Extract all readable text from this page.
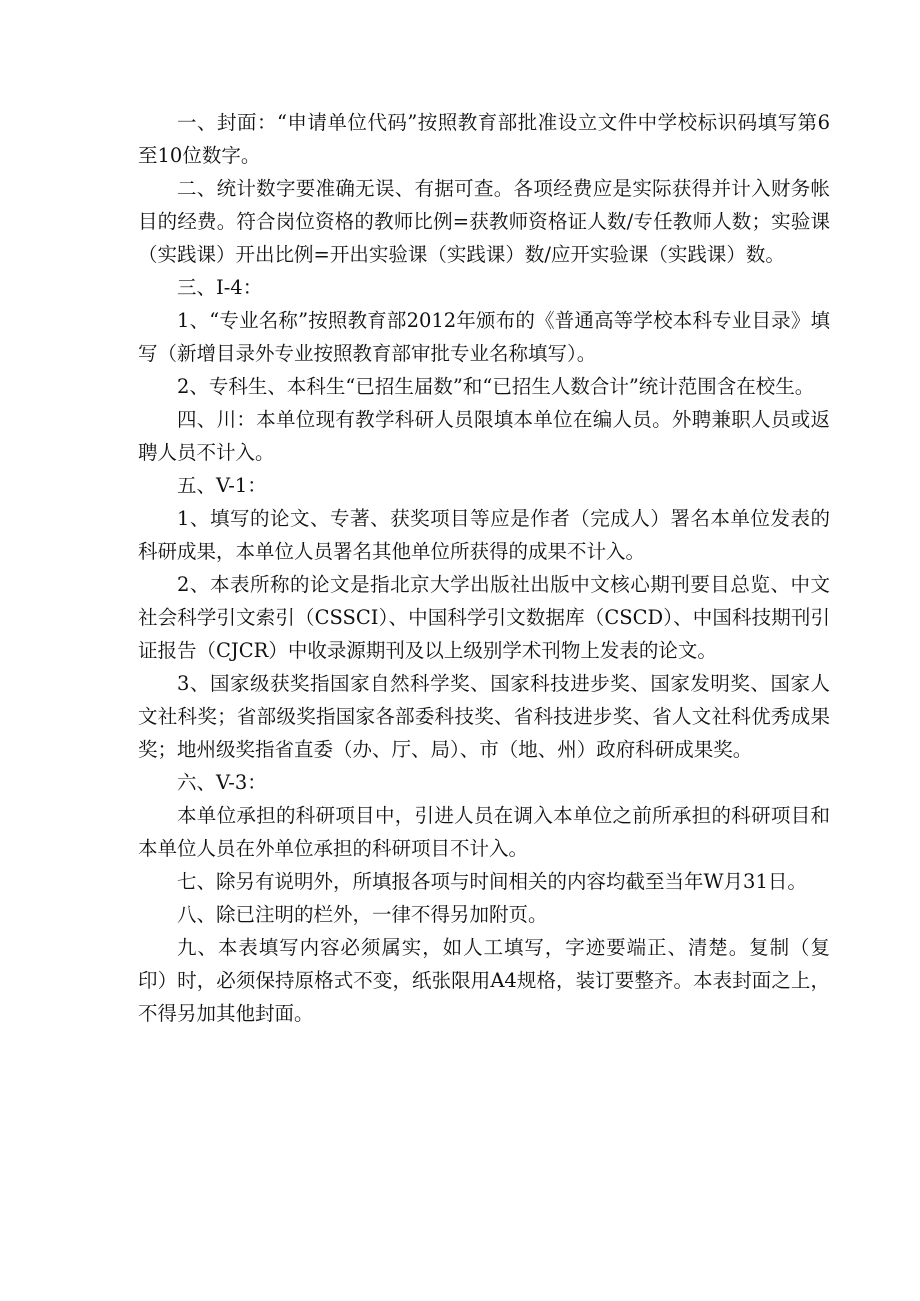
一、封面：“申请单位代码”按照教育部批准设立文件中学校标识码填写第6至10位数字。

二、统计数字要准确无误、有据可查。各项经费应是实际获得并计入财务帐目的经费。符合岗位资格的教师比例=获教师资格证人数/专任教师人数；实验课（实践课）开出比例=开出实验课（实践课）数/应开实验课（实践课）数。

三、I-4：

1、“专业名称”按照教育部2012年颁布的《普通高等学校本科专业目录》填写（新增目录外专业按照教育部审批专业名称填写）。

2、专科生、本科生“已招生届数”和“已招生人数合计”统计范围含在校生。

四、川：本单位现有教学科研人员限填本单位在编人员。外聘兼职人员或返聘人员不计入。

五、V-1：

1、填写的论文、专著、获奖项目等应是作者（完成人）署名本单位发表的科研成果，本单位人员署名其他单位所获得的成果不计入。

2、本表所称的论文是指北京大学出版社出版中文核心期刊要目总览、中文社会科学引文索引（CSSCI）、中国科学引文数据库（CSCD）、中国科技期刊引证报告（CJCR）中收录源期刊及以上级别学术刊物上发表的论文。

3、国家级获奖指国家自然科学奖、国家科技进步奖、国家发明奖、国家人文社科奖；省部级奖指国家各部委科技奖、省科技进步奖、省人文社科优秀成果奖；地州级奖指省直委（办、厅、局）、市（地、州）政府科研成果奖。

六、V-3：

本单位承担的科研项目中，引进人员在调入本单位之前所承担的科研项目和本单位人员在外单位承担的科研项目不计入。

七、除另有说明外，所填报各项与时间相关的内容均截至当年W月31日。

八、除已注明的栏外，一律不得另加附页。

九、本表填写内容必须属实，如人工填写，字迹要端正、清楚。复制（复印）时，必须保持原格式不变，纸张限用A4规格，装订要整齐。本表封面之上，不得另加其他封面。
